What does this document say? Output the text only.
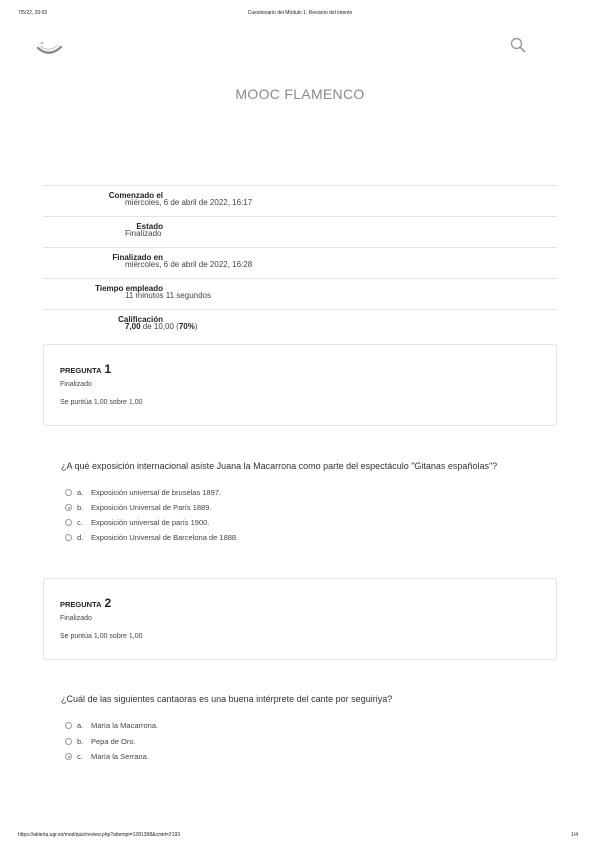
7/5/22, 20:03	Cuestionario del Módulo 1: Revisión del intento
MOOC FLAMENCO
Comenzado el
miércoles, 6 de abril de 2022, 16:17
Estado
Finalizado
Finalizado en
miércoles, 6 de abril de 2022, 16:28
Tiempo empleado
11 minutos 11 segundos
Calificación
7,00 de 10,00 (70%)
PREGUNTA 1
Finalizado
Se puntúa 1,00 sobre 1,00
¿A qué exposición internacional asiste Juana la Macarrona como parte del espectáculo "Gitanas españolas"?
a. Exposición universal de bruselas 1897.
b. Exposición Universal de París 1889.
c. Exposición universal de parís 1900.
d. Exposición Universal de Barcelona de 1888.
PREGUNTA 2
Finalizado
Se puntúa 1,00 sobre 1,00
¿Cuál de las siguientes cantaoras es una buena intérprete del cante por seguiriya?
a. María la Macarrona.
b. Pepa de Oro.
c. María la Serrana.
https://abierta.ugr.es/mod/quiz/review.php?attempt=1281398&cmid=2193	1/4
